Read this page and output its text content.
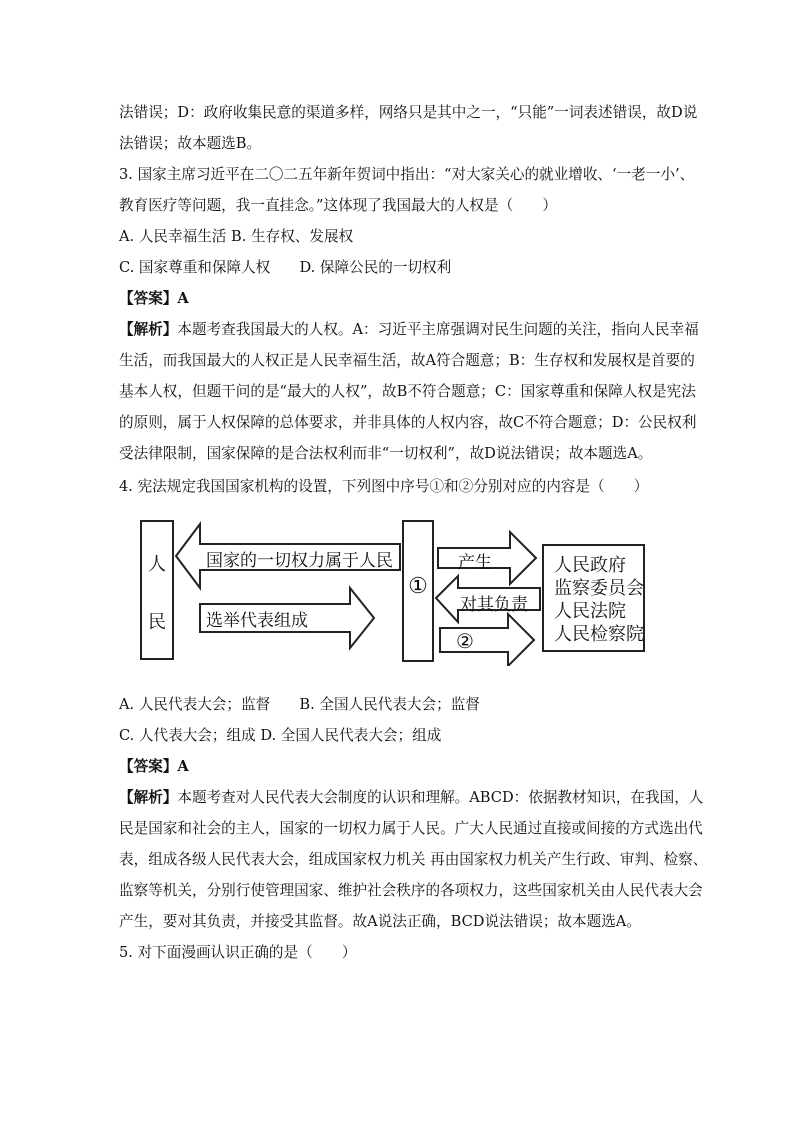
法错误；D：政府收集民意的渠道多样，网络只是其中之一，“只能”一词表述错误，故D说
法错误；故本题选B。
3. 国家主席习近平在二〇二五年新年贺词中指出：“对大家关心的就业增收、‘一老一小’、
教育医疗等问题，我一直挂念。”这体现了我国最大的人权是（　　）
A. 人民幸福生活 B. 生存权、发展权
C. 国家尊重和保障人权　　D. 保障公民的一切权利
【答案】A
【解析】本题考查我国最大的人权。A：习近平主席强调对民生问题的关注，指向人民幸福
生活，而我国最大的人权正是人民幸福生活，故A符合题意；B：生存权和发展权是首要的
基本人权，但题干问的是“最大的人权”，故B不符合题意；C：国家尊重和保障人权是宪法
的原则，属于人权保障的总体要求，并非具体的人权内容，故C不符合题意；D：公民权利
受法律限制，国家保障的是合法权利而非“一切权利”，故D说法错误；故本题选A。
4. 宪法规定我国国家机构的设置，下列图中序号①和②分别对应的内容是（　　）
人
民
国家的一切权力属于人民
选举代表组成
①
产生
对其负责
②
人民政府
监察委员会
人民法院
人民检察院
A. 人民代表大会；监督　　B. 全国人民代表大会；监督
C. 人代表大会；组成 D. 全国人民代表大会；组成
【答案】A
【解析】本题考查对人民代表大会制度的认识和理解。ABCD：依据教材知识，在我国，人
民是国家和社会的主人，国家的一切权力属于人民。广大人民通过直接或间接的方式选出代
表，组成各级人民代表大会，组成国家权力机关 再由国家权力机关产生行政、审判、检察、
监察等机关，分别行使管理国家、维护社会秩序的各项权力，这些国家机关由人民代表大会
产生，要对其负责，并接受其监督。故A说法正确，BCD说法错误；故本题选A。
5. 对下面漫画认识正确的是（　　）
